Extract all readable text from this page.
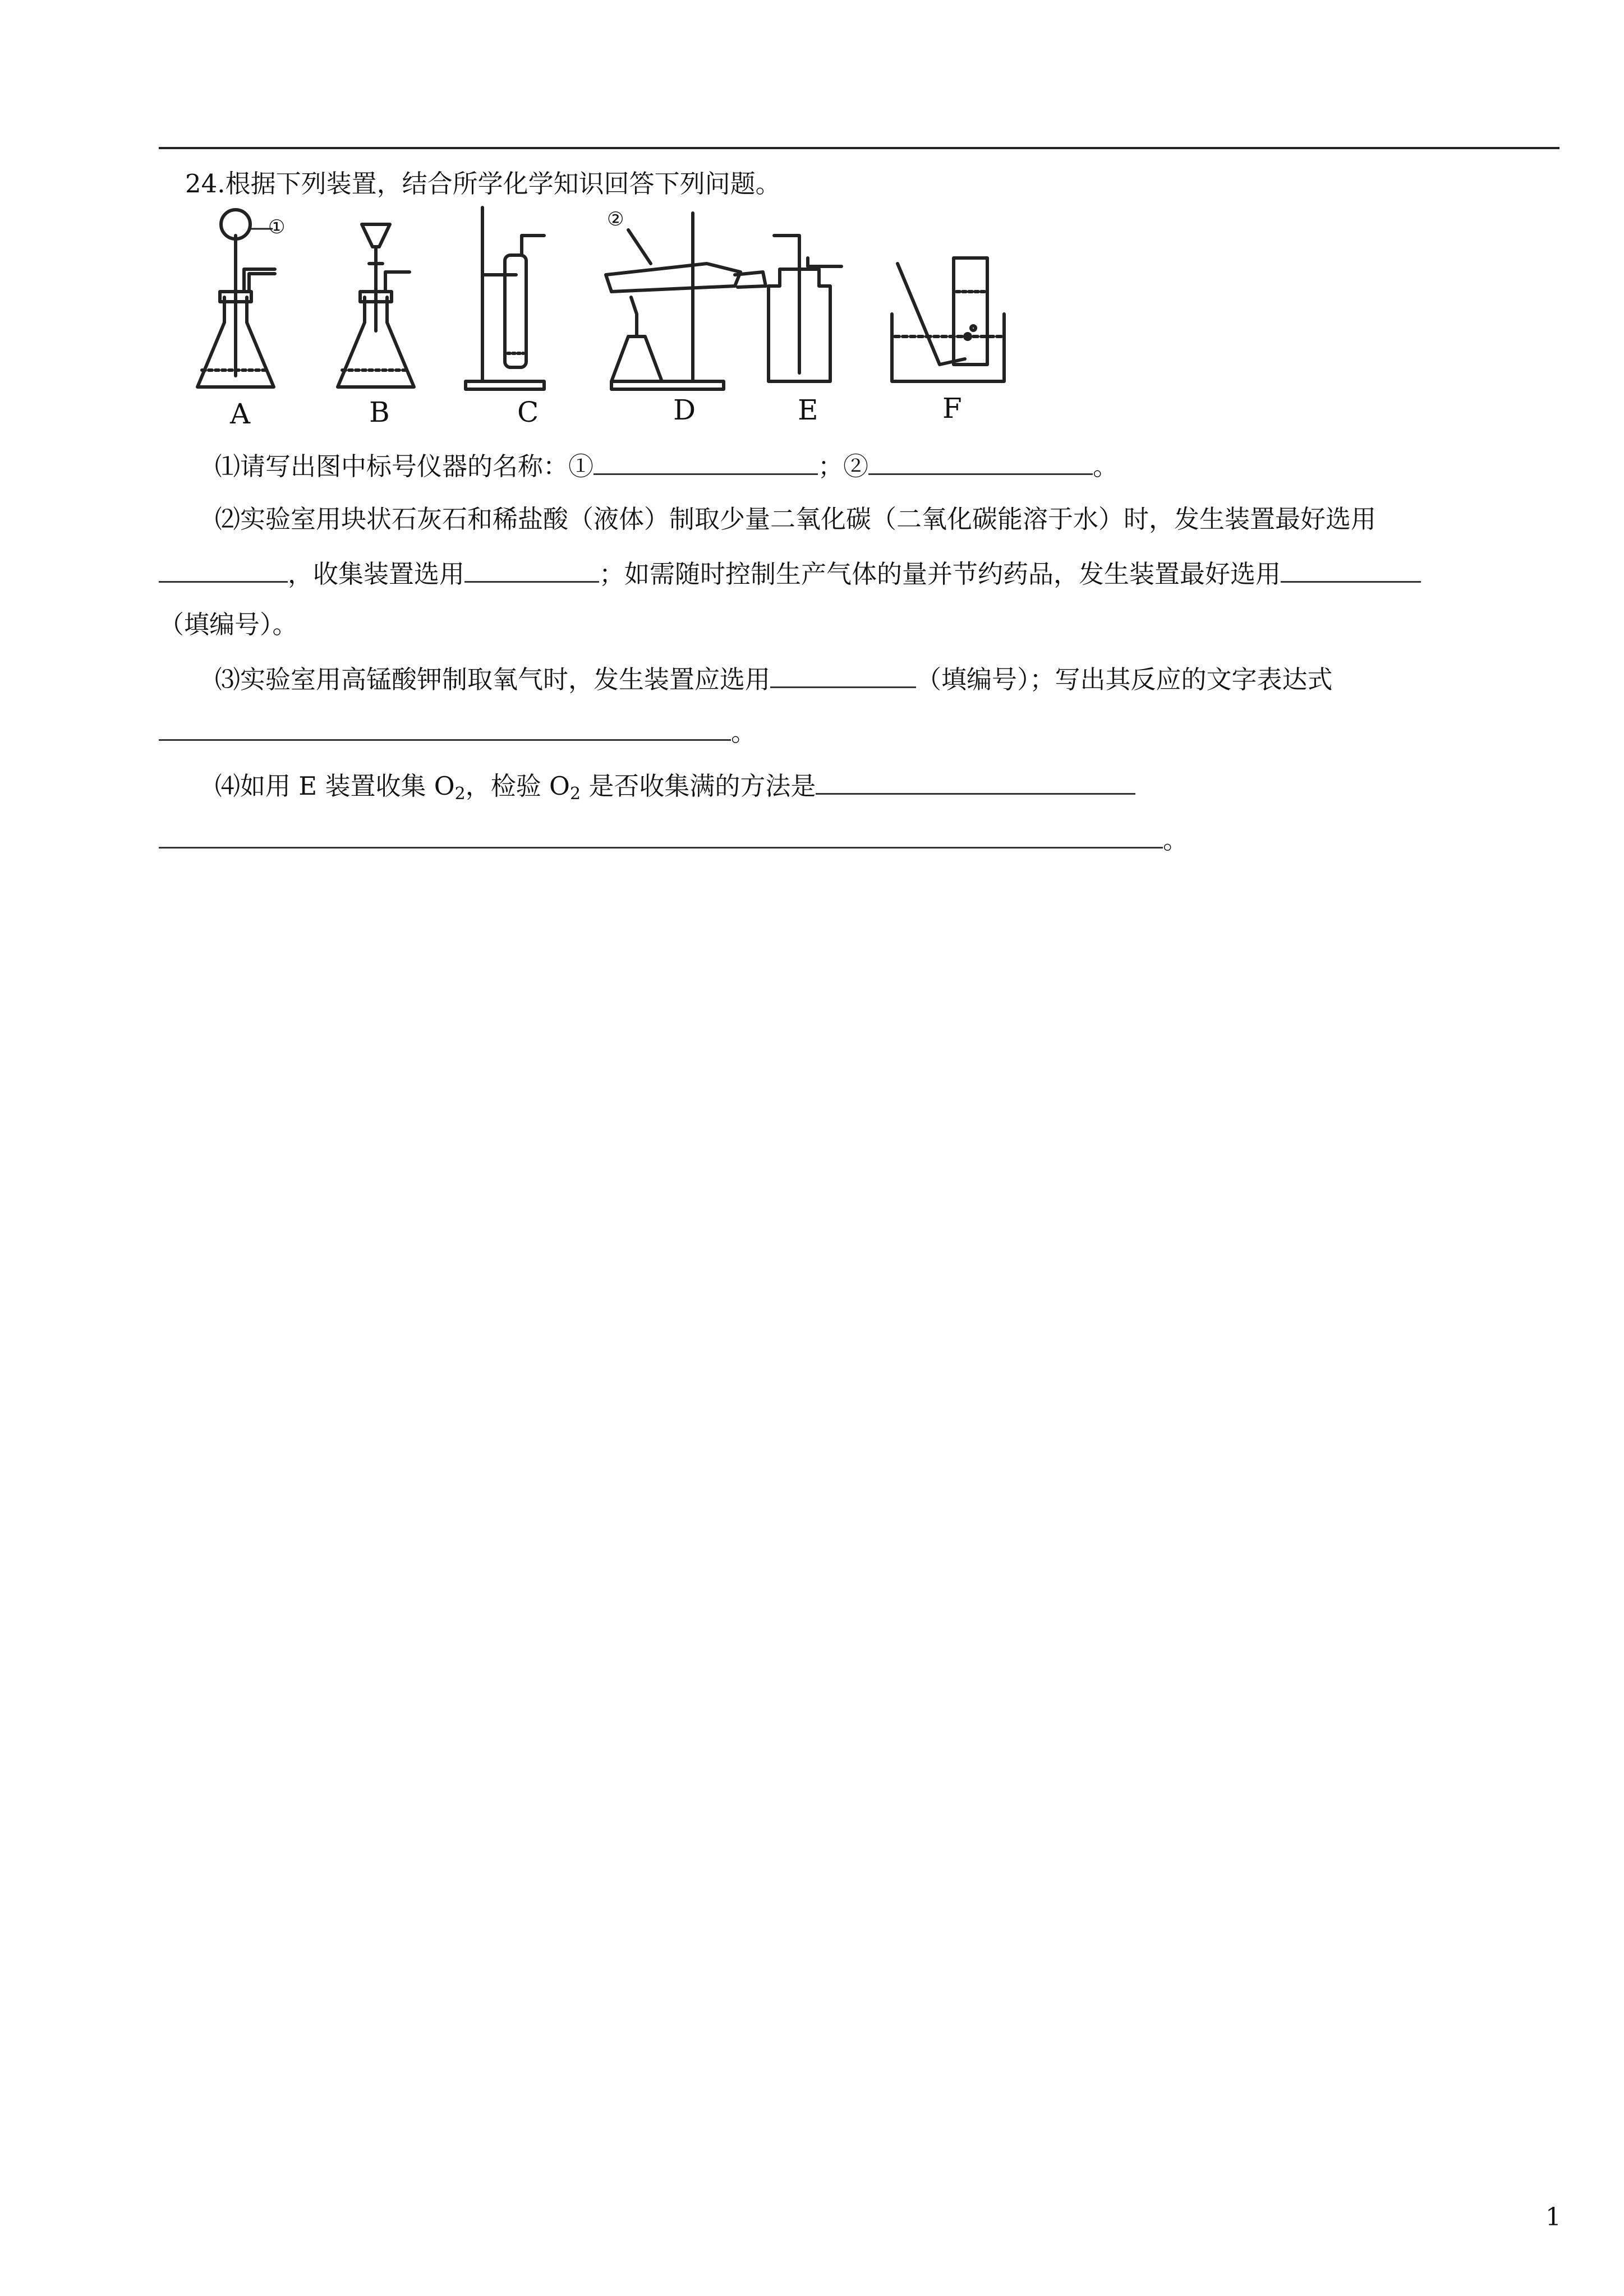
24.根据下列装置，结合所学化学知识回答下列问题。
①	②
A	B	C	D	E	F
⑴请写出图中标号仪器的名称：①	；②	。
⑵实验室用块状石灰石和稀盐酸（液体）制取少量二氧化碳（二氧化碳能溶于水）时，发生装置最好选用
，收集装置选用	；如需随时控制生产气体的量并节约药品，发生装置最好选用
（填编号）。
⑶实验室用高锰酸钾制取氧气时，发生装置应选用	（填编号）；写出其反应的文字表达式
。
⑷如用 E 装置收集 $O_2$，检验 $O_2$ 是否收集满的方法是
。
1
